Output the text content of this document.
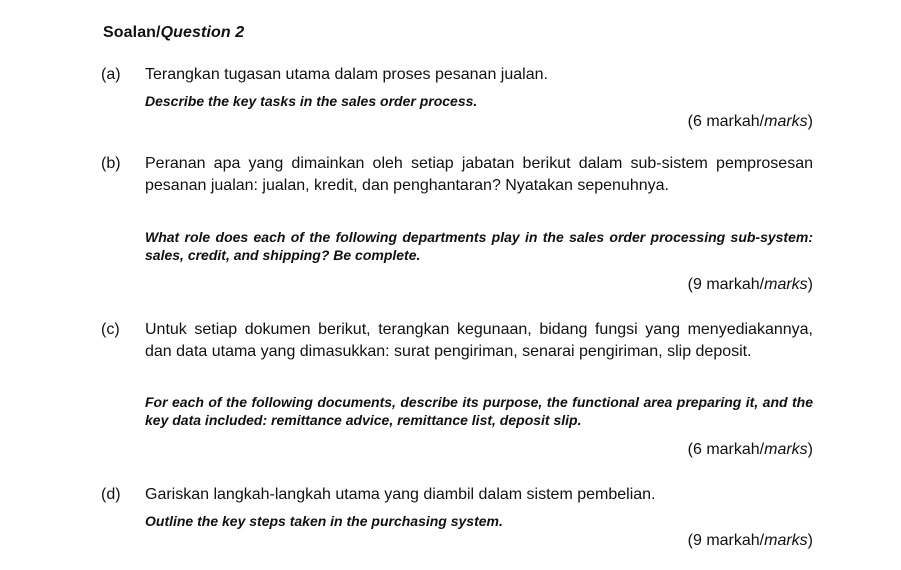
Soalan/Question 2
(a) Terangkan tugasan utama dalam proses pesanan jualan.
Describe the key tasks in the sales order process.
(6 markah/marks)
(b) Peranan apa yang dimainkan oleh setiap jabatan berikut dalam sub-sistem pemprosesan pesanan jualan: jualan, kredit, dan penghantaran? Nyatakan sepenuhnya.
What role does each of the following departments play in the sales order processing sub-system: sales, credit, and shipping? Be complete.
(9 markah/marks)
(c) Untuk setiap dokumen berikut, terangkan kegunaan, bidang fungsi yang menyediakannya, dan data utama yang dimasukkan: surat pengiriman, senarai pengiriman, slip deposit.
For each of the following documents, describe its purpose, the functional area preparing it, and the key data included: remittance advice, remittance list, deposit slip.
(6 markah/marks)
(d) Gariskan langkah-langkah utama yang diambil dalam sistem pembelian.
Outline the key steps taken in the purchasing system.
(9 markah/marks)
